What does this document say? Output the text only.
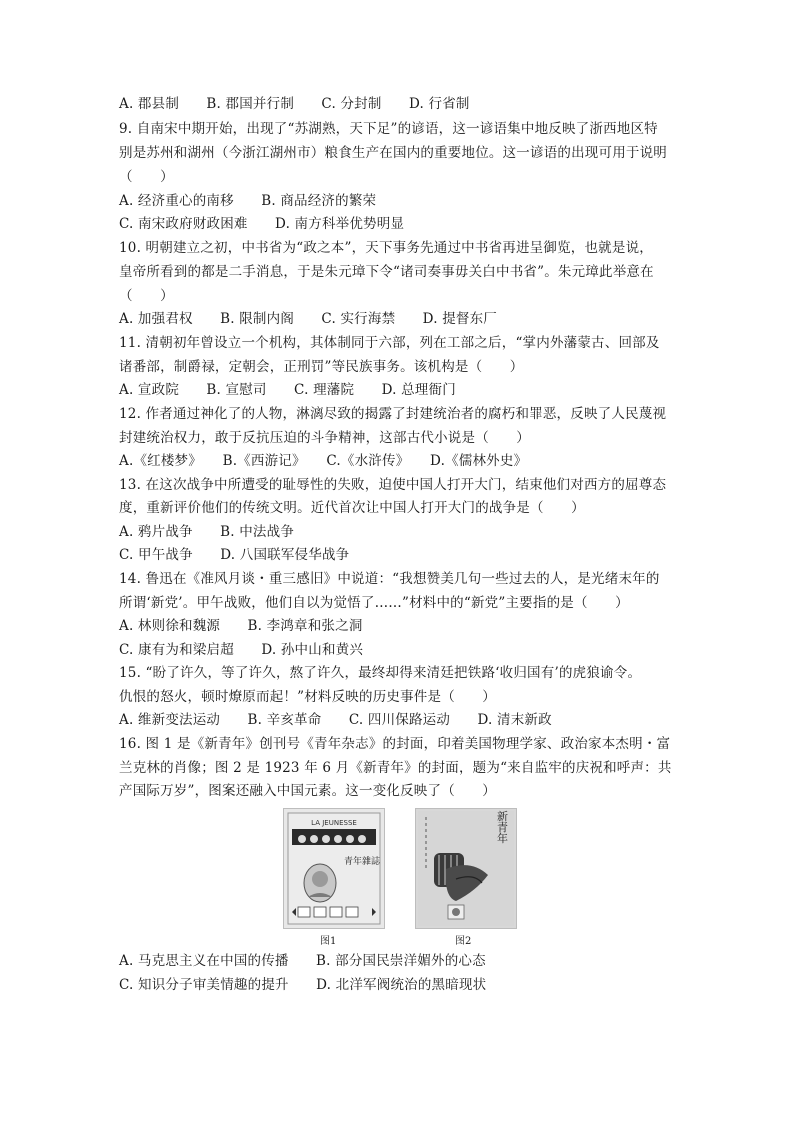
A. 郡县制　　B. 郡国并行制　　C. 分封制　　D. 行省制
9. 自南宋中期开始，出现了“苏湖熟，天下足”的谚语，这一谚语集中地反映了浙西地区特
别是苏州和湖州（今浙江湖州市）粮食生产在国内的重要地位。这一谚语的出现可用于说明
（　　）
A. 经济重心的南移　　B. 商品经济的繁荣
C. 南宋政府财政困难　　D. 南方科举优势明显
10. 明朝建立之初，中书省为“政之本”，天下事务先通过中书省再进呈御览，也就是说，
皇帝所看到的都是二手消息，于是朱元璋下令“诸司奏事毋关白中书省”。朱元璋此举意在
（　　）
A. 加强君权　　B. 限制内阁　　C. 实行海禁　　D. 提督东厂
11. 清朝初年曾设立一个机构，其体制同于六部，列在工部之后，“掌内外藩蒙古、回部及
诸番部，制爵禄，定朝会，正刑罚”等民族事务。该机构是（　　）
A. 宣政院　　B. 宣慰司　　C. 理藩院　　D. 总理衙门
12. 作者通过神化了的人物，淋漓尽致的揭露了封建统治者的腐朽和罪恶，反映了人民蔑视
封建统治权力，敢于反抗压迫的斗争精神，这部古代小说是（　　）
A.《红楼梦》　　B.《西游记》　　C.《水浒传》　　D.《儒林外史》
13. 在这次战争中所遭受的耻辱性的失败，迫使中国人打开大门，结束他们对西方的屈尊态
度，重新评价他们的传统文明。近代首次让中国人打开大门的战争是（　　）
A. 鸦片战争　　B. 中法战争
C. 甲午战争　　D. 八国联军侵华战争
14. 鲁迅在《准风月谈・重三感旧》中说道：“我想赞美几句一些过去的人，是光绪末年的
所谓‘新党’。甲午战败，他们自以为觉悟了……”材料中的“新党”主要指的是（　　）
A. 林则徐和魏源　　B. 李鸿章和张之洞
C. 康有为和梁启超　　D. 孙中山和黄兴
15. “盼了许久，等了许久，熬了许久，最终却得来清廷把铁路‘收归国有’的虎狼谕令。
仇恨的怒火，顿时燎原而起！”材料反映的历史事件是（　　）
A. 维新变法运动　　B. 辛亥革命　　C. 四川保路运动　　D. 清末新政
16. 图 1 是《新青年》创刊号《青年杂志》的封面，印着美国物理学家、政治家本杰明・富
兰克林的肖像；图 2 是 1923 年 6 月《新青年》的封面，题为“来自监牢的庆祝和呼声：共
产国际万岁”，图案还融入中国元素。这一变化反映了（　　）
LA JEUNESSE
青年雜誌
新青年
图1	图2
A. 马克思主义在中国的传播　　B. 部分国民崇洋媚外的心态
C. 知识分子审美情趣的提升　　D. 北洋军阀统治的黑暗现状
